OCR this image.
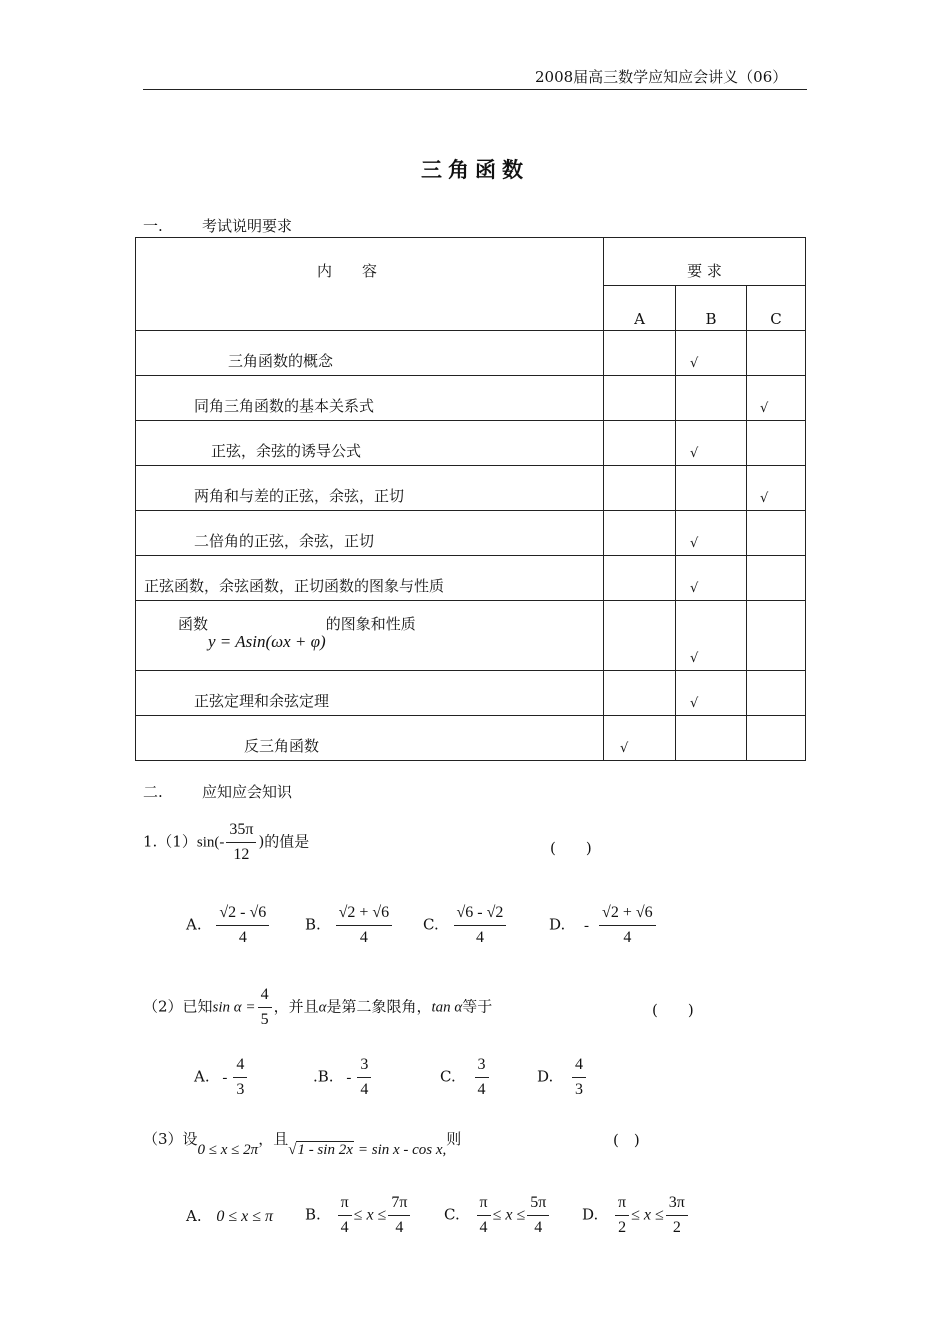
2008届高三数学应知应会讲义（06）
三角函数
一.	考试说明要求
内　　容	要 求		

	A	B	C
三角函数的概念		√	
同角三角函数的基本关系式			√
正弦，余弦的诱导公式		√	
两角和与差的正弦，余弦，正切			√
二倍角的正弦，余弦，正切		√	
正弦函数，余弦函数，正切函数的图象与性质		√	
函数y = Asin(ωx + φ)的图象和性质		√	
正弦定理和余弦定理		√	
反三角函数	√		
二.	应知应会知识
$1.(1)\sin(- \frac{35\pi}{12}$ )的值是	(　　)
A. $\frac{√2 - √6}{4} B$. $\frac{√2 + √6}{4} C$. $\frac{√6 - √2}{4}$	D. - $\frac{√2 + √6}{4}$
（2）已知$\sin \alpha = \frac{4}{5}$ ，并且α是第二象限角，tan α等于	(　　)
A. - $\frac{4}{3}$	.B. - $\frac{3}{4}$	C. $\frac{3}{4}$	D. $\frac{4}{3}$
（3）设0 ≤ x ≤ 2π，且√1 - sin 2x = sin x - cos x,则	(　)
A. 0 ≤ x ≤ π B. $\frac{\pi}{4} \le x \le \frac{7\pi}{4} C$. $\frac{\pi}{4} \le x \le \frac{5\pi}{4} D$. $\frac{\pi}{2} \le x \le \frac{3\pi}{2}$
